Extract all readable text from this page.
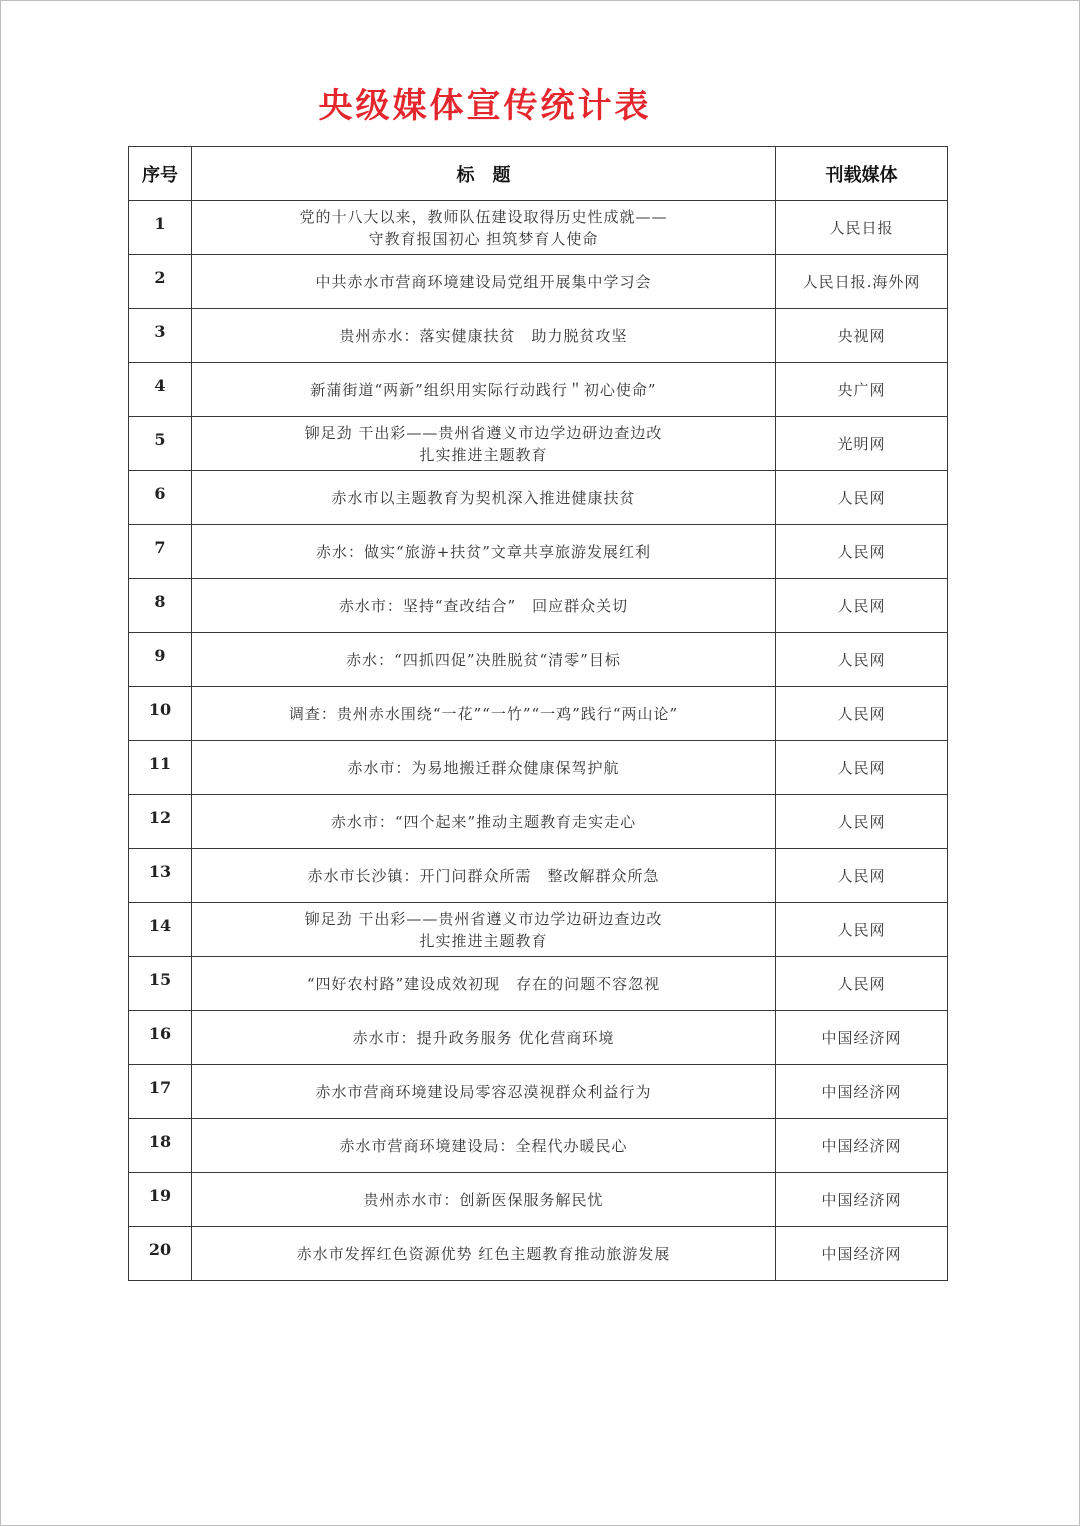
央级媒体宣传统计表
序号	标　题	刊载媒体
1	党的十八大以来，教师队伍建设取得历史性成就——
守教育报国初心 担筑梦育人使命	人民日报
2	中共赤水市营商环境建设局党组开展集中学习会	人民日报.海外网
3	贵州赤水：落实健康扶贫　助力脱贫攻坚	央视网
4	新蒲街道“两新”组织用实际行动践行＂初心使命”	央广网
5	铆足劲 干出彩——贵州省遵义市边学边研边查边改
扎实推进主题教育	光明网
6	赤水市以主题教育为契机深入推进健康扶贫	人民网
7	赤水：做实“旅游+扶贫”文章共享旅游发展红利	人民网
8	赤水市：坚持“查改结合”　回应群众关切	人民网
9	赤水：“四抓四促”决胜脱贫“清零”目标	人民网
10	调查：贵州赤水围绕“一花”“一竹”“一鸡”践行“两山论”	人民网
11	赤水市：为易地搬迁群众健康保驾护航	人民网
12	赤水市：“四个起来”推动主题教育走实走心	人民网
13	赤水市长沙镇：开门问群众所需　整改解群众所急	人民网
14	铆足劲 干出彩——贵州省遵义市边学边研边查边改
扎实推进主题教育	人民网
15	“四好农村路”建设成效初现　存在的问题不容忽视	人民网
16	赤水市：提升政务服务 优化营商环境	中国经济网
17	赤水市营商环境建设局零容忍漠视群众利益行为	中国经济网
18	赤水市营商环境建设局：全程代办暖民心	中国经济网
19	贵州赤水市：创新医保服务解民忧	中国经济网
20	赤水市发挥红色资源优势 红色主题教育推动旅游发展	中国经济网
